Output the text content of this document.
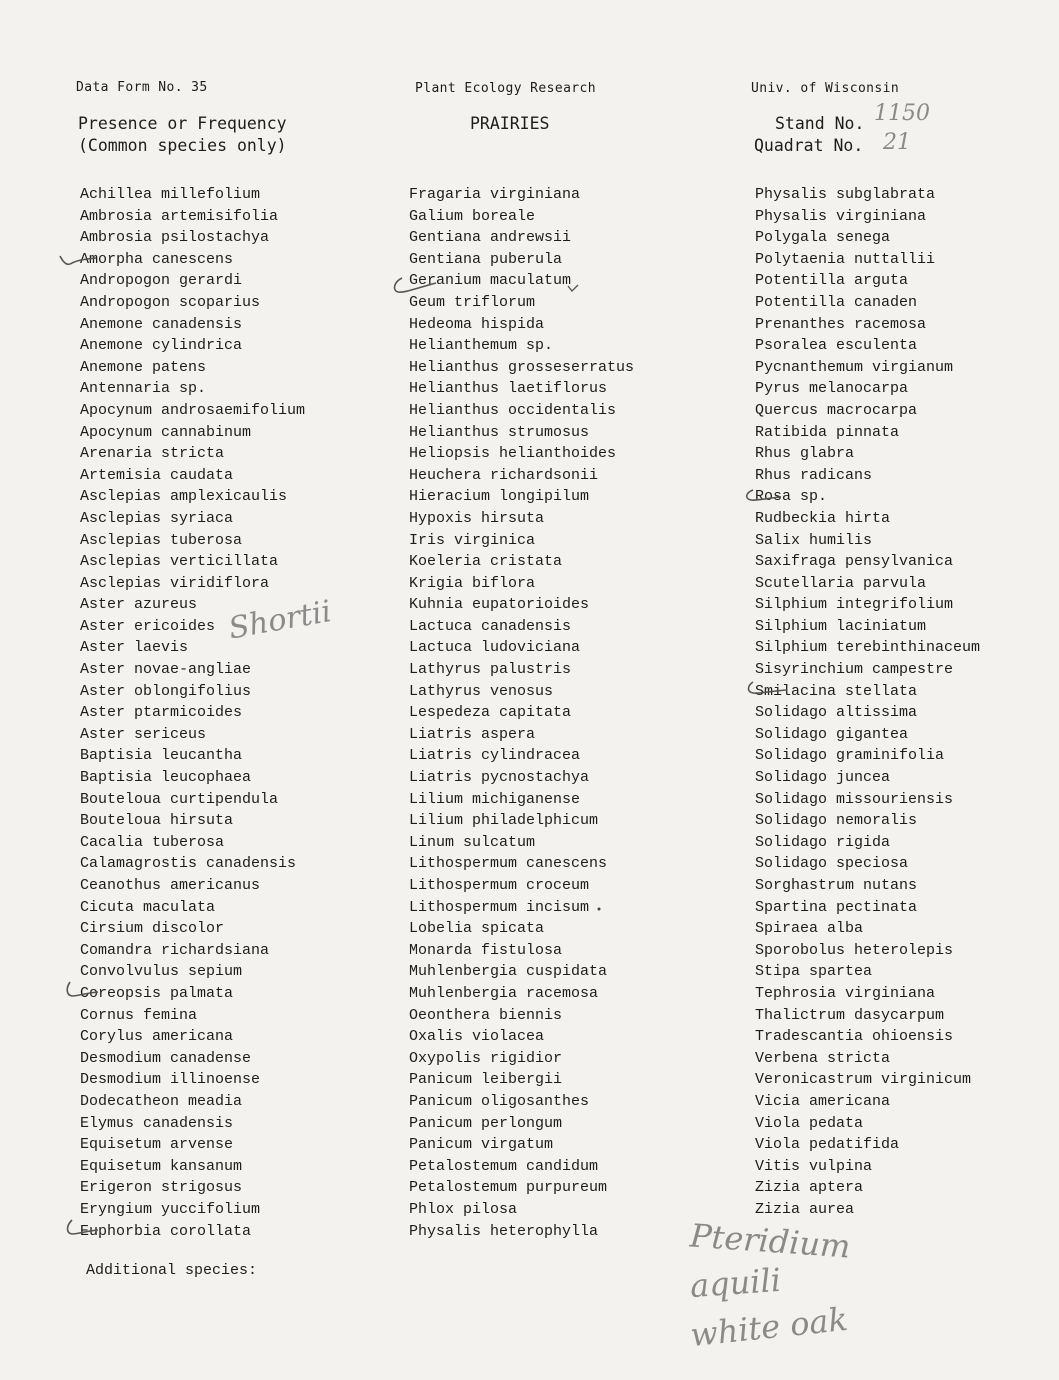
Data Form No. 35	Plant Ecology Research	Univ. of Wisconsin
Presence or Frequency
(Common species only)
PRAIRIES	Stand No.
Quadrat No.
1150
21
Achillea millefolium
Ambrosia artemisifolia
Ambrosia psilostachya
Amorpha canescens
Andropogon gerardi
Andropogon scoparius
Anemone canadensis
Anemone cylindrica
Anemone patens
Antennaria sp.
Apocynum androsaemifolium
Apocynum cannabinum
Arenaria stricta
Artemisia caudata
Asclepias amplexicaulis
Asclepias syriaca
Asclepias tuberosa
Asclepias verticillata
Asclepias viridiflora
Aster azureus
Aster ericoides
Aster laevis
Aster novae-angliae
Aster oblongifolius
Aster ptarmicoides
Aster sericeus
Baptisia leucantha
Baptisia leucophaea
Bouteloua curtipendula
Bouteloua hirsuta
Cacalia tuberosa
Calamagrostis canadensis
Ceanothus americanus
Cicuta maculata
Cirsium discolor
Comandra richardsiana
Convolvulus sepium
Coreopsis palmata
Cornus femina
Corylus americana
Desmodium canadense
Desmodium illinoense
Dodecatheon meadia
Elymus canadensis
Equisetum arvense
Equisetum kansanum
Erigeron strigosus
Eryngium yuccifolium
Euphorbia corollata
Fragaria virginiana
Galium boreale
Gentiana andrewsii
Gentiana puberula
Geranium maculatum
Geum triflorum
Hedeoma hispida
Helianthemum sp.
Helianthus grosseserratus
Helianthus laetiflorus
Helianthus occidentalis
Helianthus strumosus
Heliopsis helianthoides
Heuchera richardsonii
Hieracium longipilum
Hypoxis hirsuta
Iris virginica
Koeleria cristata
Krigia biflora
Kuhnia eupatorioides
Lactuca canadensis
Lactuca ludoviciana
Lathyrus palustris
Lathyrus venosus
Lespedeza capitata
Liatris aspera
Liatris cylindracea
Liatris pycnostachya
Lilium michiganense
Lilium philadelphicum
Linum sulcatum
Lithospermum canescens
Lithospermum croceum
Lithospermum incisum
Lobelia spicata
Monarda fistulosa
Muhlenbergia cuspidata
Muhlenbergia racemosa
Oeonthera biennis
Oxalis violacea
Oxypolis rigidior
Panicum leibergii
Panicum oligosanthes
Panicum perlongum
Panicum virgatum
Petalostemum candidum
Petalostemum purpureum
Phlox pilosa
Physalis heterophylla
Physalis subglabrata
Physalis virginiana
Polygala senega
Polytaenia nuttallii
Potentilla arguta
Potentilla canaden
Prenanthes racemosa
Psoralea esculenta
Pycnanthemum virgianum
Pyrus melanocarpa
Quercus macrocarpa
Ratibida pinnata
Rhus glabra
Rhus radicans
Rosa sp.
Rudbeckia hirta
Salix humilis
Saxifraga pensylvanica
Scutellaria parvula
Silphium integrifolium
Silphium laciniatum
Silphium terebinthinaceum
Sisyrinchium campestre
Smilacina stellata
Solidago altissima
Solidago gigantea
Solidago graminifolia
Solidago juncea
Solidago missouriensis
Solidago nemoralis
Solidago rigida
Solidago speciosa
Sorghastrum nutans
Spartina pectinata
Spiraea alba
Sporobolus heterolepis
Stipa spartea
Tephrosia virginiana
Thalictrum dasycarpum
Tradescantia ohioensis
Verbena stricta
Veronicastrum virginicum
Vicia americana
Viola pedata
Viola pedatifida
Vitis vulpina
Zizia aptera
Zizia aurea
Shortii
Additional species:
Pteridium
aquili
white oak
